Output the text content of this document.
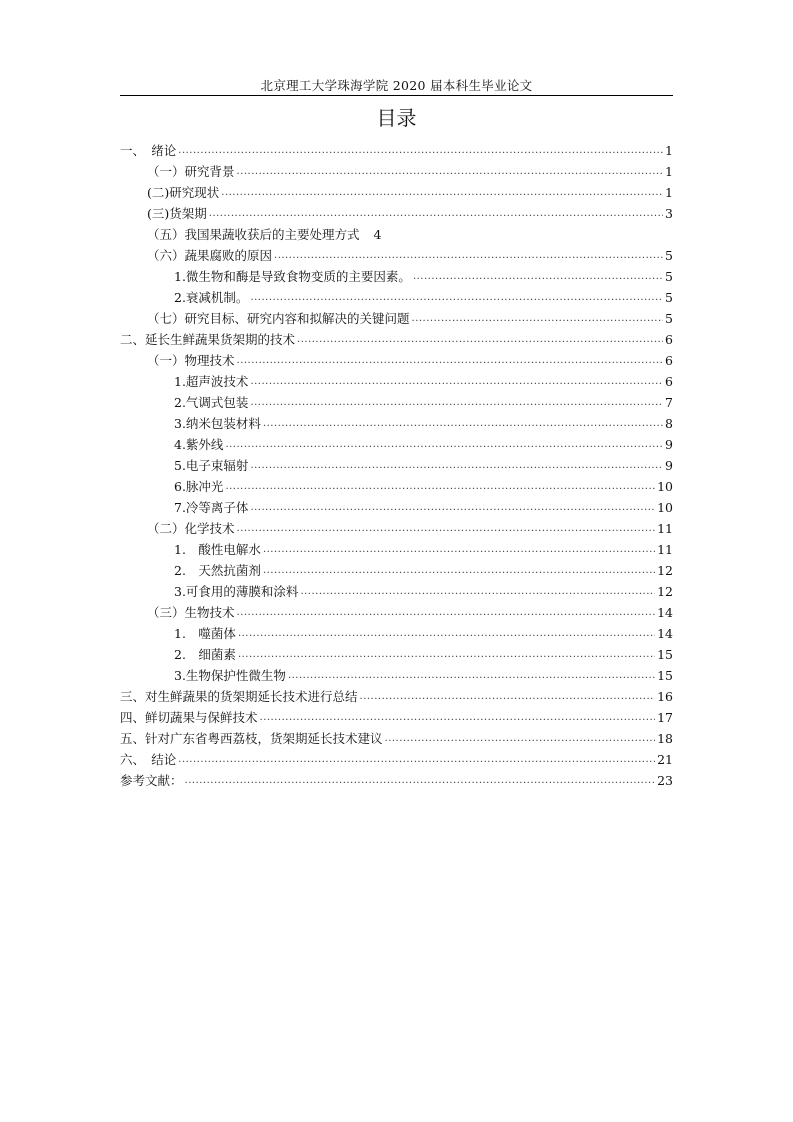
北京理工大学珠海学院 2020 届本科生毕业论文
目录
一、　绪论 .....	1
（一）研究背景 .....	1
(二)研究现状 .....	1
(三)货架期 .....	3
（五）我国果蔬收获后的主要处理方式 4
（六）蔬果腐败的原因 .....	5
1.微生物和酶是导致食物变质的主要因素。 .....	5
2.衰减机制。 .....	5
（七）研究目标、研究内容和拟解决的关键问题 .....	5
二、延长生鲜蔬果货架期的技术 .....	6
（一）物理技术 .....	6
1.超声波技术 .....	6
2.气调式包装 .....	7
3.纳米包装材料 .....	8
4.紫外线 .....	9
5.电子束辐射 .....	9
6.脉冲光 .....	10
7.冷等离子体 .....	10
（二）化学技术 .....	11
1.　酸性电解水 .....	11
2.　天然抗菌剂 .....	12
3.可食用的薄膜和涂料 .....	12
（三）生物技术 .....	14
1.　噬菌体 .....	14
2.　细菌素 .....	15
3.生物保护性微生物 .....	15
三、对生鲜蔬果的货架期延长技术进行总结 .....	16
四、鲜切蔬果与保鲜技术 .....	17
五、针对广东省粤西荔枝，货架期延长技术建议 .....	18
六、　结论 .....	21
参考文献： .....	23
